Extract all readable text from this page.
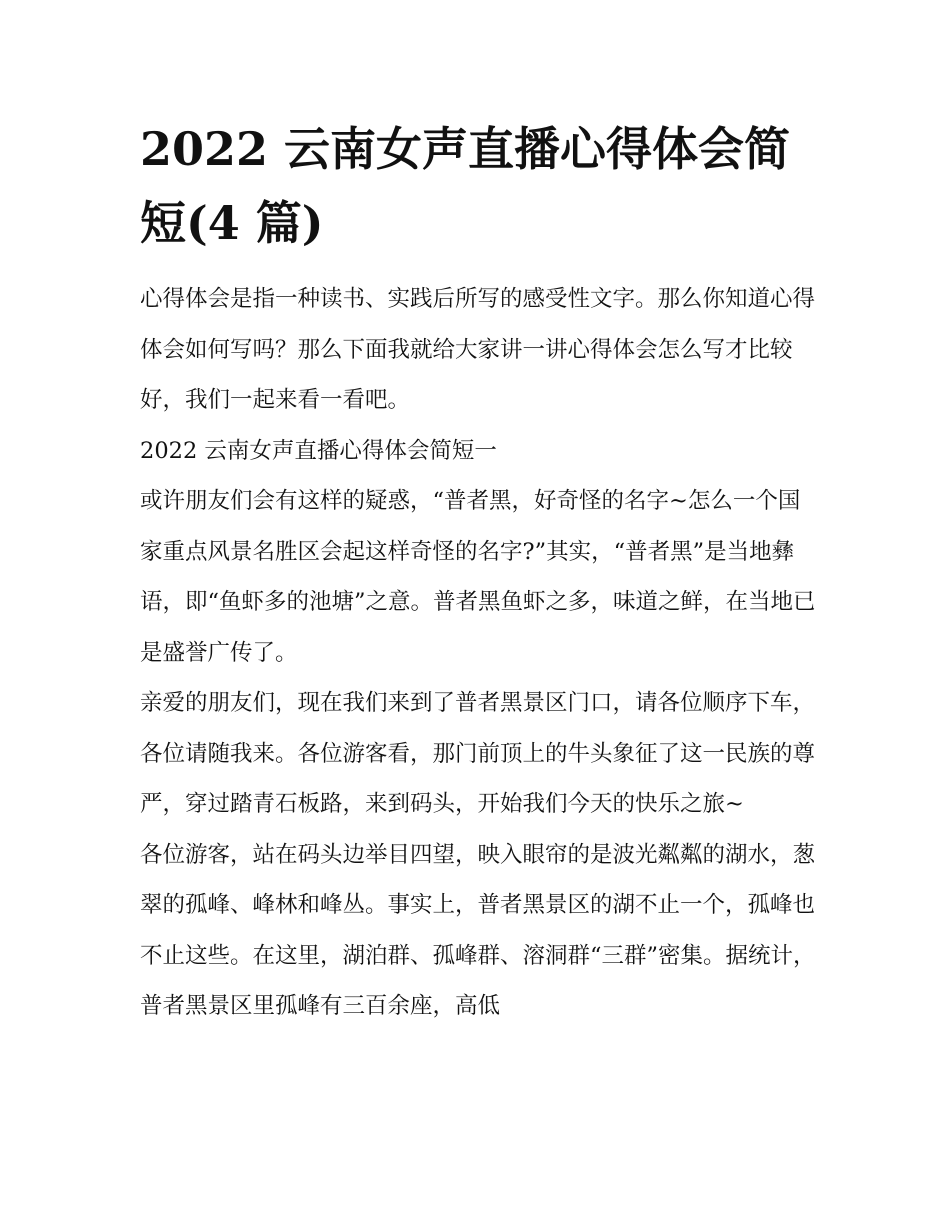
2022 云南女声直播心得体会简
短(4 篇)

心得体会是指一种读书、实践后所写的感受性文字。那么你知道心得体会如何写吗？那么下面我就给大家讲一讲心得体会怎么写才比较好，我们一起来看一看吧。

2022 云南女声直播心得体会简短一

或许朋友们会有这样的疑惑，“普者黑，好奇怪的名字~怎么一个国家重点风景名胜区会起这样奇怪的名字?”其实，“普者黑”是当地彝语，即“鱼虾多的池塘”之意。普者黑鱼虾之多，味道之鲜，在当地已是盛誉广传了。

亲爱的朋友们，现在我们来到了普者黑景区门口，请各位顺序下车，各位请随我来。各位游客看，那门前顶上的牛头象征了这一民族的尊严，穿过踏青石板路，来到码头，开始我们今天的快乐之旅~

各位游客，站在码头边举目四望，映入眼帘的是波光粼粼的湖水，葱翠的孤峰、峰林和峰丛。事实上，普者黑景区的湖不止一个，孤峰也不止这些。在这里，湖泊群、孤峰群、溶洞群“三群”密集。据统计，普者黑景区里孤峰有三百余座，高低
